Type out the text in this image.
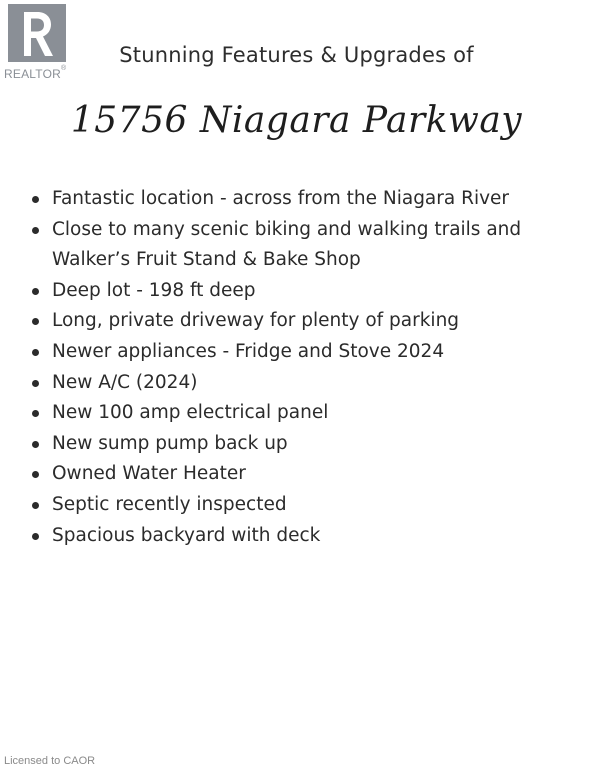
REALTOR®
Stunning Features & Upgrades of
15756 Niagara Parkway
Fantastic location - across from the Niagara River
Close to many scenic biking and walking trails and Walker’s Fruit Stand & Bake Shop
Deep lot - 198 ft deep
Long, private driveway for plenty of parking
Newer appliances - Fridge and Stove 2024
New A/C (2024)
New 100 amp electrical panel
New sump pump back up
Owned Water Heater
Septic recently inspected
Spacious backyard with deck
Licensed to CAOR
